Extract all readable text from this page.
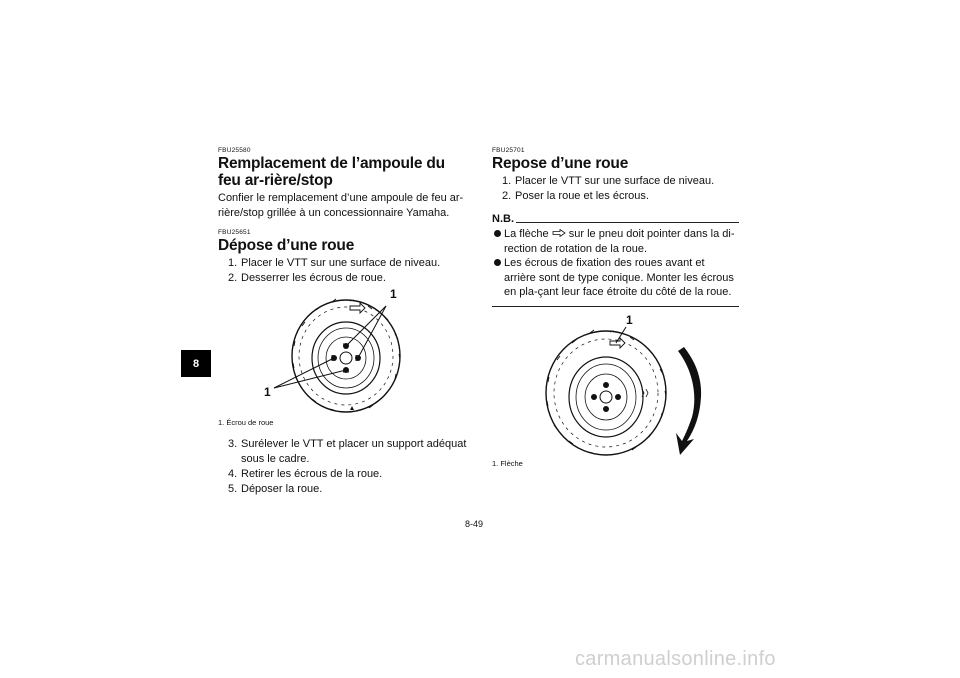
8
FBU25580
Remplacement de l’ampoule du feu ar-rière/stop

Confier le remplacement d’une ampoule de feu ar-rière/stop grillée à un concessionnaire Yamaha.

FBU25651
Dépose d’une roue
1. Placer le VTT sur une surface de niveau.
2. Desserrer les écrous de roue.
1
1
1. Écrou de roue
3. Surélever le VTT et placer un support adéquat sous le cadre.
4. Retirer les écrous de la roue.
5. Déposer la roue.
FBU25701
Repose d’une roue
1. Placer le VTT sur une surface de niveau.
2. Poser la roue et les écrous.
N.B.
La flèche sur le pneu doit pointer dans la di-rection de rotation de la roue.
Les écrous de fixation des roues avant et arrière sont de type conique. Monter les écrous en pla-çant leur face étroite du côté de la roue.
1
1. Flèche
8-49
carmanualsonline.info
